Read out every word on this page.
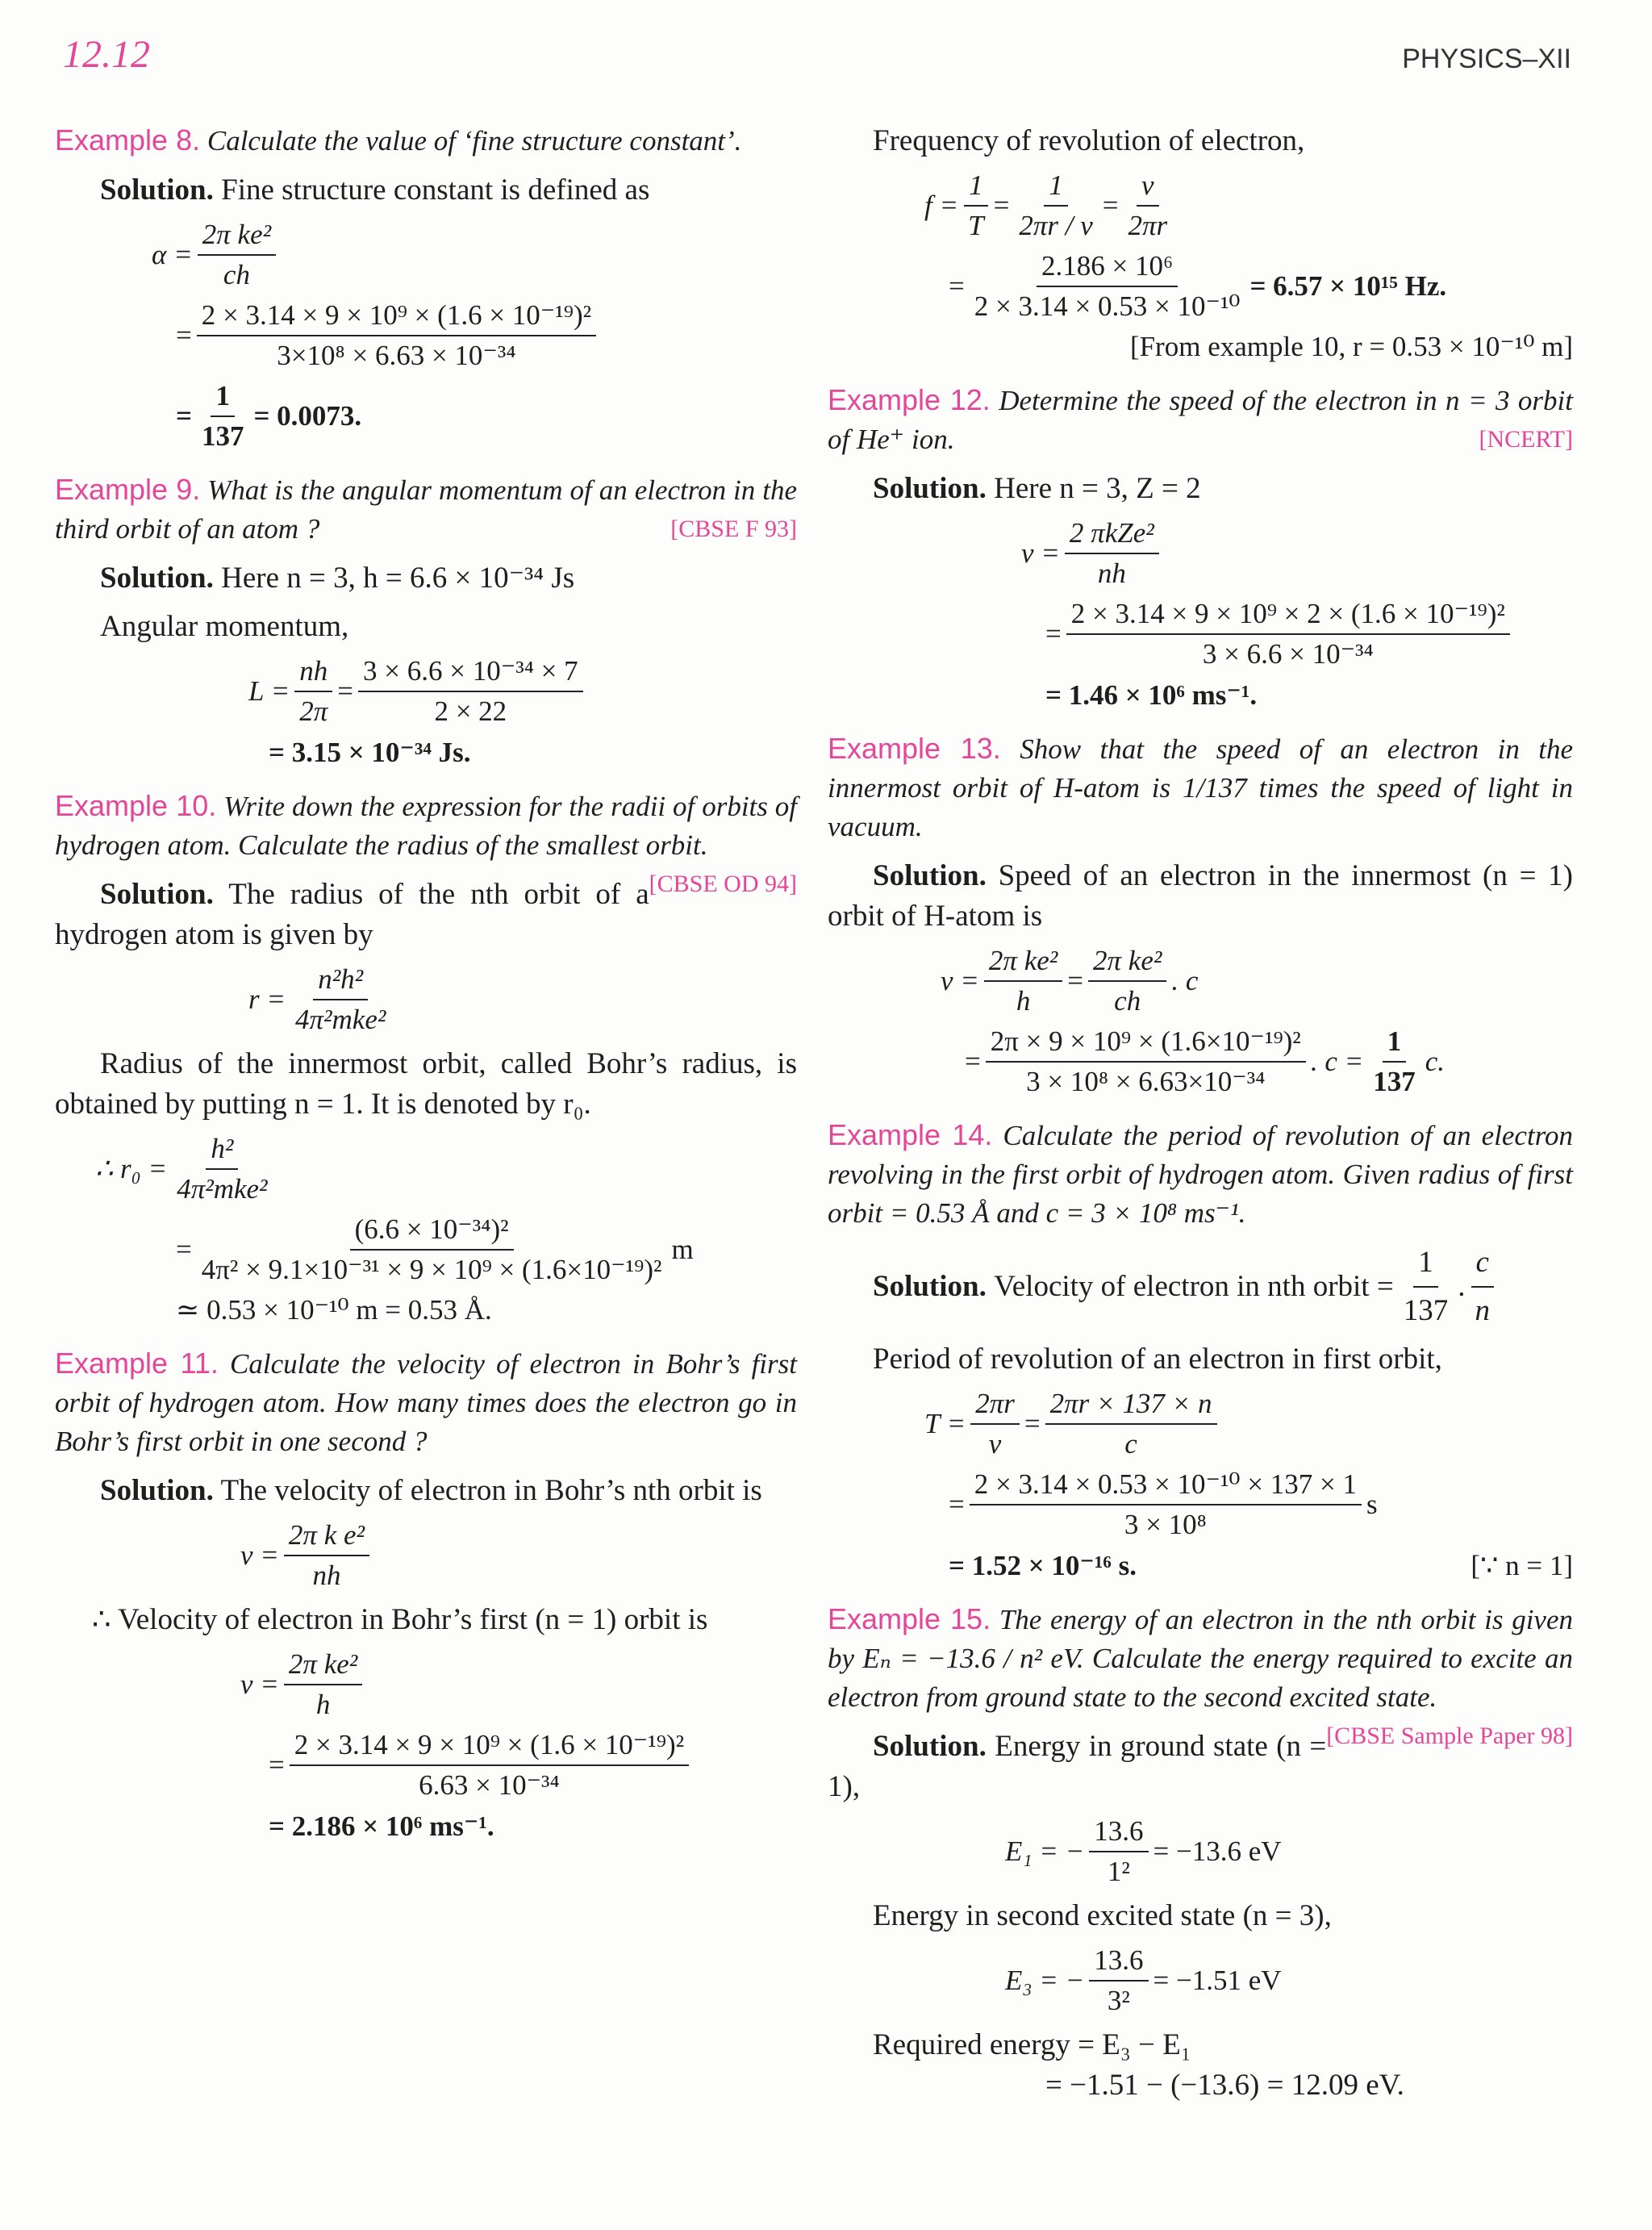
12.12	PHYSICS–XII

Example 8. Calculate the value of ‘fine structure constant’.

Solution. Fine structure constant is defined as

$\alpha = \frac{\text{2π ke²}}{ch}$
= $\frac{\text{2 × 3.14 × 9 × 10⁹ × (1.6 × 10⁻¹⁹)²}}{\text{3×10⁸ × 6.63 × 10⁻³⁴}}$
= $\frac{1}{137} = 0.0073$.

Example 9. What is the angular momentum of an electron in the third orbit of an atom ?	[CBSE F 93]

Solution. Here n = 3, h = 6.6 × 10⁻³⁴ Js

Angular momentum,

$L = \frac{nh}{2\pi} = \frac{\text{3 × 6.6 × 10⁻³⁴ × 7}}{2 \times 22}$
= 3.15 × 10⁻³⁴ Js.

Example 10. Write down the expression for the radii of orbits of hydrogen atom. Calculate the radius of the smallest orbit.
[CBSE OD 94]

Solution. The radius of the nth orbit of a hydrogen atom is given by

r =
n²h²
4π²mke²

Radius of the innermost orbit, called Bohr’s radius, is obtained by putting n = 1. It is denoted by r₀.

∴ r₀ =
h²
4π²mke²
= $\frac{\text{(6.6 × 10⁻³⁴)²}}{\text{4π² × 9.1×10⁻³¹ × 9 × 10⁹ × (1.6×10⁻¹⁹)²}}$ m
≃ 0.53 × 10⁻¹⁰ m = 0.53 Å.

Example 11. Calculate the velocity of electron in Bohr’s first orbit of hydrogen atom. How many times does the electron go in Bohr’s first orbit in one second ?

Solution. The velocity of electron in Bohr’s nth orbit is

$v = \frac{\text{2π k e²}}{nh}$

∴ Velocity of electron in Bohr’s first (n = 1) orbit is

$v = \frac{\text{2π ke²}}{h}$
= $\frac{\text{2 × 3.14 × 9 × 10⁹ × (1.6 × 10⁻¹⁹)²}}{\text{6.63 × 10⁻³⁴}}$
= 2.186 × 10⁶ ms⁻¹.

Frequency of revolution of electron,

$f = \frac{1}{T} = \frac{1}{2\pi r / v} = \frac{v}{2\pi r}$
= $\frac{\text{2.186 × 10⁶}}{\text{2 × 3.14 × 0.53 × 10⁻¹⁰}} = 6.57 \times 10^{15}$ Hz.
[From example 10, r = 0.53 × 10⁻¹⁰ m]

Example 12. Determine the speed of the electron in n = 3 orbit of He⁺ ion.	[NCERT]

Solution. Here n = 3, Z = 2

v =
2 πkZe²
nh
= $\frac{\text{2 × 3.14 × 9 × 10⁹ × 2 × (1.6 × 10⁻¹⁹)²}}{\text{3 × 6.6 × 10⁻³⁴}}$
= 1.46 × 10⁶ ms⁻¹.

Example 13. Show that the speed of an electron in the innermost orbit of H-atom is 1/137 times the speed of light in vacuum.

Solution. Speed of an electron in the innermost (n = 1) orbit of H-atom is

$v = \frac{\text{2π ke²}}{h} = \frac{\text{2π ke²}}{ch}$ . c
= $\frac{\text{2π × 9 × 10⁹ × (1.6×10⁻¹⁹)²}}{\text{3 × 10⁸ × 6.63×10⁻³⁴}}$ . $c = \frac{1}{137} c$.

Example 14. Calculate the period of revolution of an electron revolving in the first orbit of hydrogen atom. Given radius of first orbit = 0.53 Å and c = 3 × 10⁸ ms⁻¹.

Solution.
Velocity of electron in nth orbit = $\frac{1}{137}$ .
c
n

Period of revolution of an electron in first orbit,

$T = \frac{2\pi r}{v} = \frac{2\pi r \times 137 \times n}{c}$
= $\frac{\text{2 × 3.14 × 0.53 × 10⁻¹⁰ × 137 × 1}}{\text{3 × 10⁸}}$ s
= 1.52 × 10⁻¹⁶ s.	[∵ n = 1]

Example 15. The energy of an electron in the nth orbit is given by Eₙ = −13.6 / n² eV. Calculate the energy required to excite an electron from ground state to the second excited state.
[CBSE Sample Paper 98]

Solution. Energy in ground state (n = 1),

E₁ = − $\frac{13.6}{\text{1²}} = -13.6$ eV

Energy in second excited state (n = 3),

E₃ = − $\frac{13.6}{\text{3²}} = -1.51$ eV

Required energy = E₃ − E₁

= −1.51 − (−13.6) = 12.09 eV.
